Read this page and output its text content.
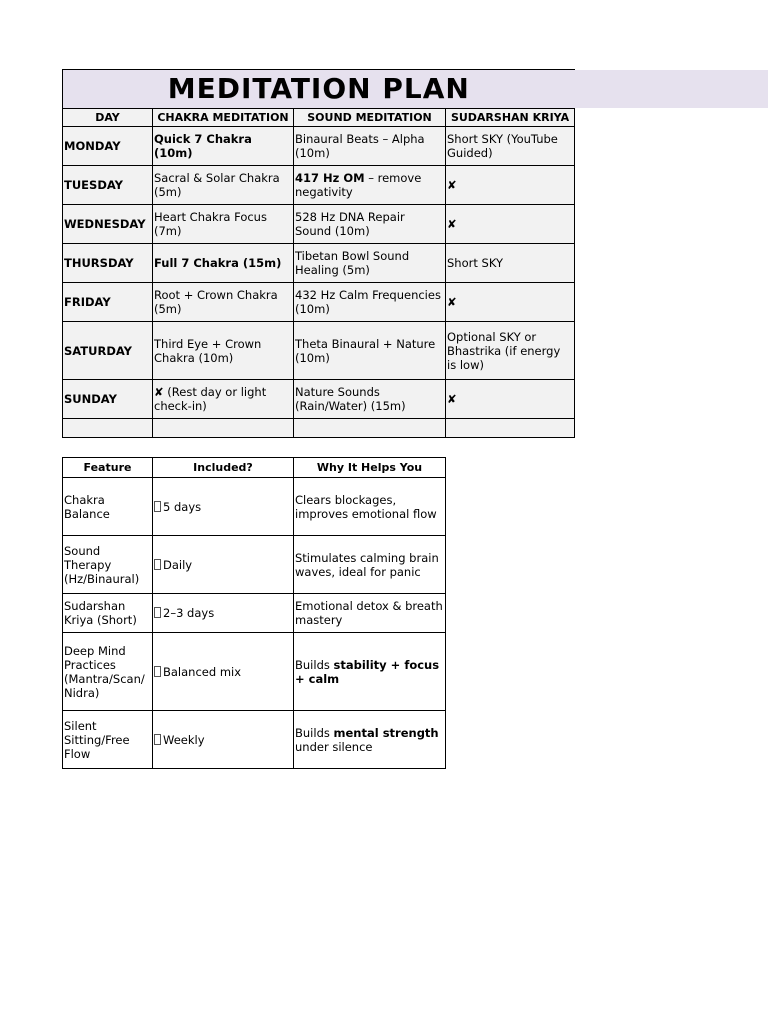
MEDITATION PLAN			
DAY	CHAKRA MEDITATION	SOUND MEDITATION	SUDARSHAN KRIYA
MONDAY	Quick 7 Chakra (10m)	Binaural Beats – Alpha (10m)	Short SKY (YouTube Guided)
TUESDAY	Sacral & Solar Chakra (5m)	417 Hz OM – remove negativity	✘
WEDNESDAY	Heart Chakra Focus (7m)	528 Hz DNA Repair Sound (10m)	✘
THURSDAY	Full 7 Chakra (15m)	Tibetan Bowl Sound Healing (5m)	Short SKY
FRIDAY	Root + Crown Chakra (5m)	432 Hz Calm Frequencies (10m)	✘
SATURDAY	Third Eye + Crown Chakra (10m)	Theta Binaural + Nature (10m)	Optional SKY or Bhastrika (if energy is low)
SUNDAY	✘ (Rest day or light check-in)	Nature Sounds (Rain/Water) (15m)	✘

Feature	Included?	Why It Helps You
Chakra Balance	5 days	Clears blockages, improves emotional flow
Sound Therapy (Hz/Binaural)	Daily	Stimulates calming brain waves, ideal for panic
Sudarshan Kriya (Short)	2–3 days	Emotional detox & breath mastery
Deep Mind Practices (Mantra/Scan/ Nidra)	Balanced mix	Builds stability + focus + calm
Silent Sitting/Free Flow	Weekly	Builds mental strength under silence
